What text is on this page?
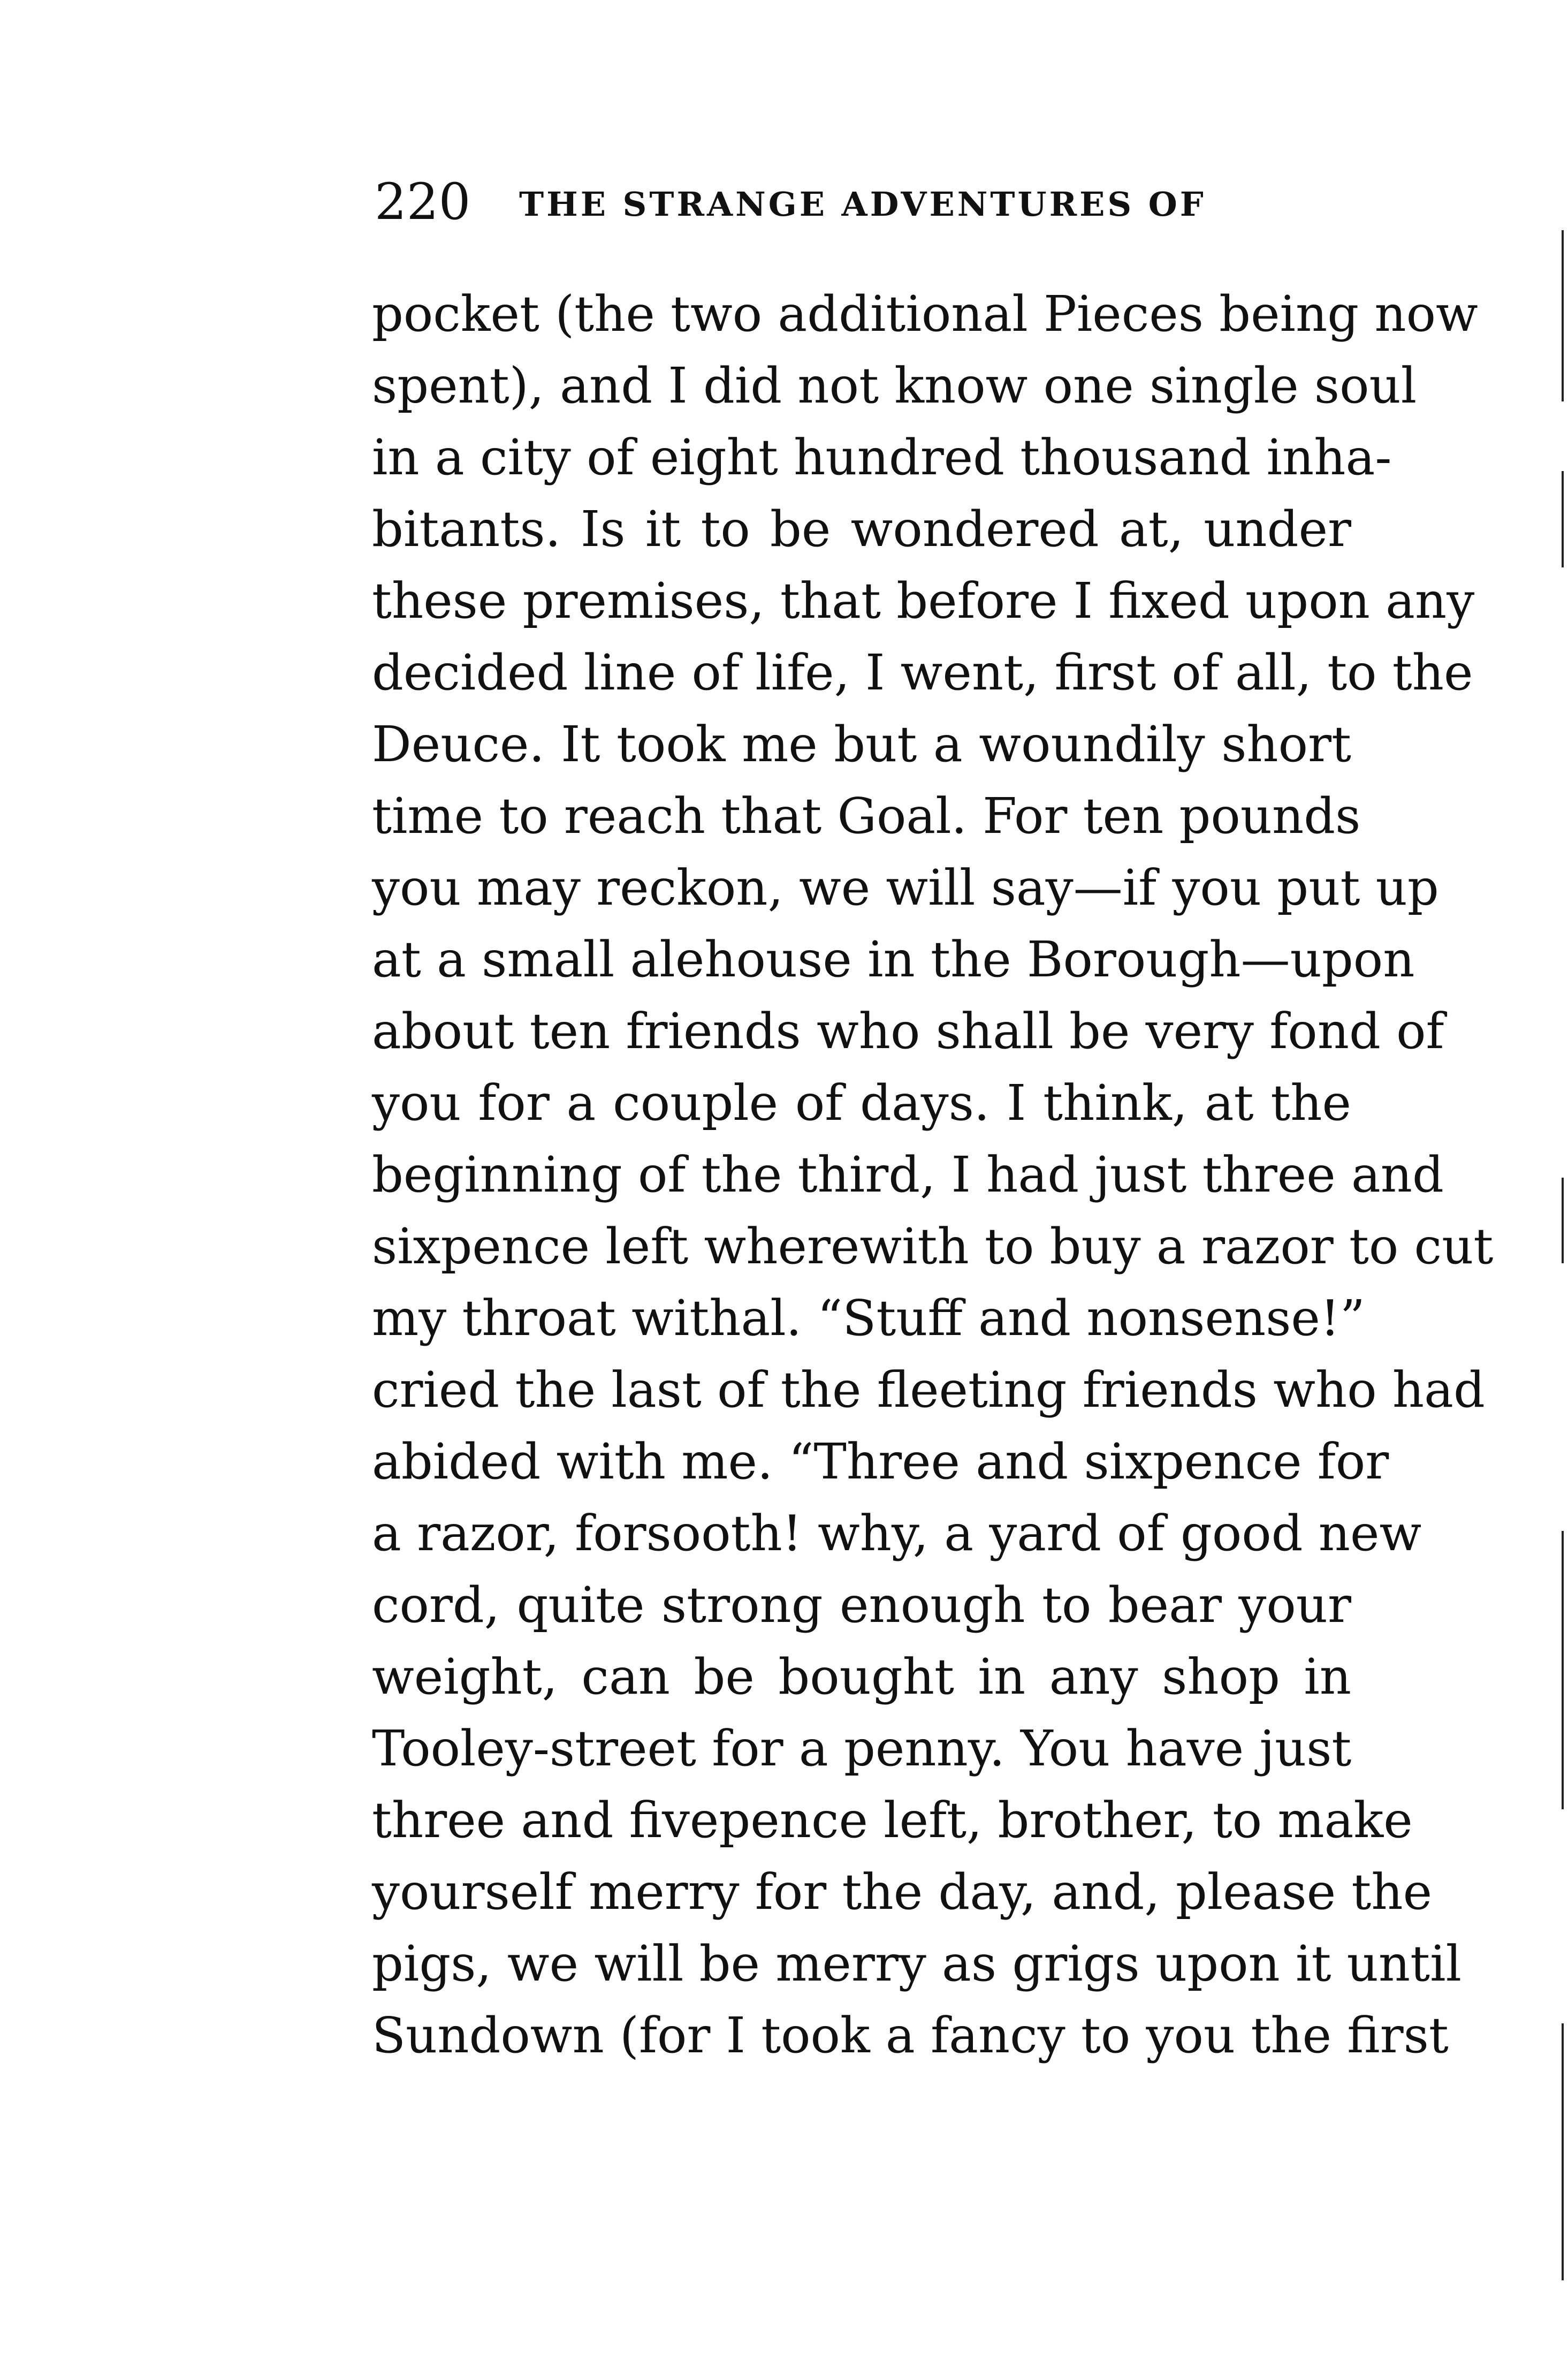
220 THE STRANGE ADVENTURES OF
pocket (the two additional Pieces being now
spent), and I did not know one single soul
in a city of eight hundred thousand inha-
bitants. Is it to be wondered at, under
these premises, that before I fixed upon any
decided line of life, I went, first of all, to the
Deuce. It took me but a woundily short
time to reach that Goal. For ten pounds
you may reckon, we will say—if you put up
at a small alehouse in the Borough—upon
about ten friends who shall be very fond of
you for a couple of days. I think, at the
beginning of the third, I had just three and
sixpence left wherewith to buy a razor to cut
my throat withal. “Stuff and nonsense!”
cried the last of the fleeting friends who had
abided with me. “Three and sixpence for
a razor, forsooth! why, a yard of good new
cord, quite strong enough to bear your
weight, can be bought in any shop in
Tooley-street for a penny. You have just
three and fivepence left, brother, to make
yourself merry for the day, and, please the
pigs, we will be merry as grigs upon it until
Sundown (for I took a fancy to you the first
